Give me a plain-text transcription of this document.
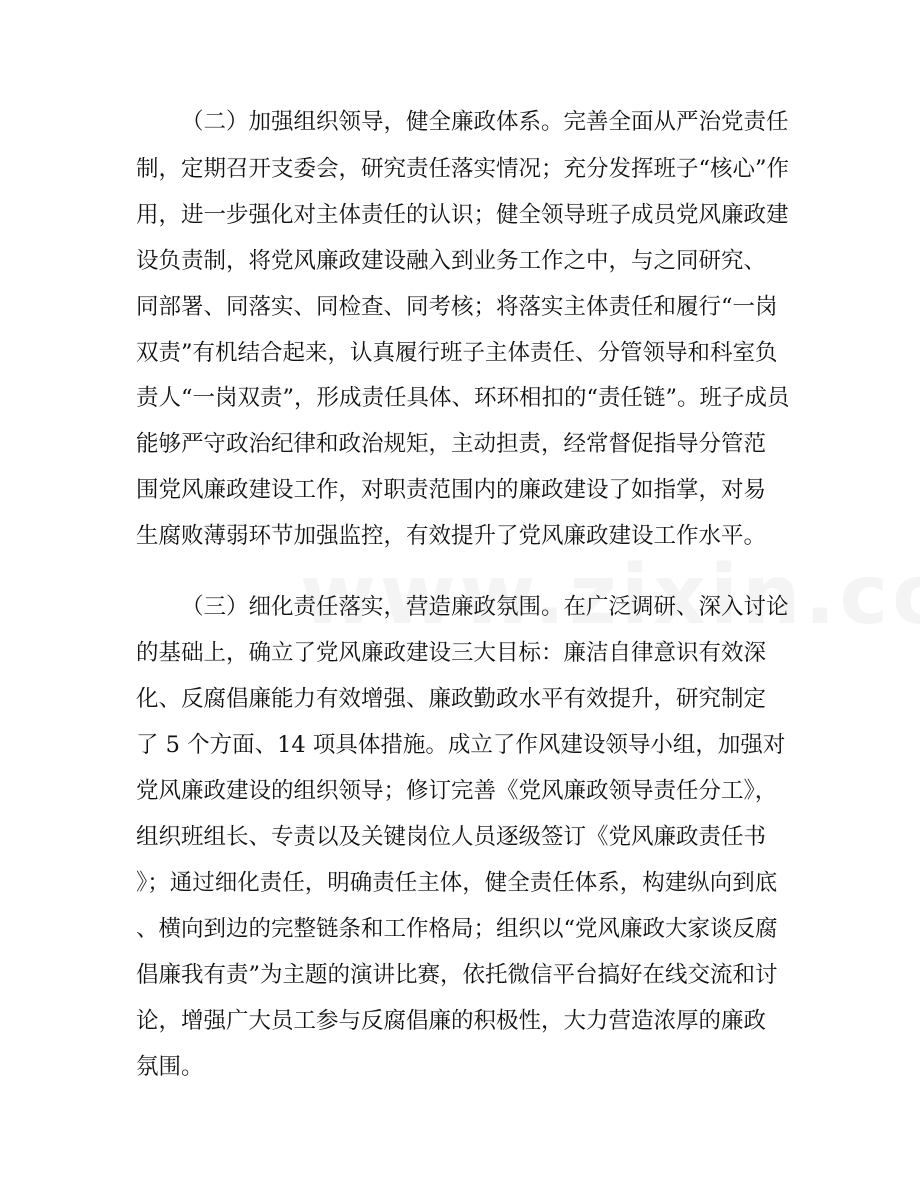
（二）加强组织领导，健全廉政体系。完善全面从严治党责任
制，定期召开支委会，研究责任落实情况；充分发挥班子“核心”作
用，进一步强化对主体责任的认识；健全领导班子成员党风廉政建
设负责制，将党风廉政建设融入到业务工作之中，与之同研究、
同部署、同落实、同检查、同考核；将落实主体责任和履行“一岗
双责”有机结合起来，认真履行班子主体责任、分管领导和科室负
责人“一岗双责”，形成责任具体、环环相扣的“责任链”。班子成员
能够严守政治纪律和政治规矩，主动担责，经常督促指导分管范
围党风廉政建设工作，对职责范围内的廉政建设了如指掌，对易
生腐败薄弱环节加强监控，有效提升了党风廉政建设工作水平。
（三）细化责任落实，营造廉政氛围。在广泛调研、深入讨论
的基础上，确立了党风廉政建设三大目标：廉洁自律意识有效深
化、反腐倡廉能力有效增强、廉政勤政水平有效提升，研究制定
了 5 个方面、14 项具体措施。成立了作风建设领导小组，加强对
党风廉政建设的组织领导；修订完善《党风廉政领导责任分工》，
组织班组长、专责以及关键岗位人员逐级签订《党风廉政责任书
》；通过细化责任，明确责任主体，健全责任体系，构建纵向到底
、横向到边的完整链条和工作格局；组织以“党风廉政大家谈反腐
倡廉我有责”为主题的演讲比赛，依托微信平台搞好在线交流和讨
论，增强广大员工参与反腐倡廉的积极性，大力营造浓厚的廉政
氛围。
